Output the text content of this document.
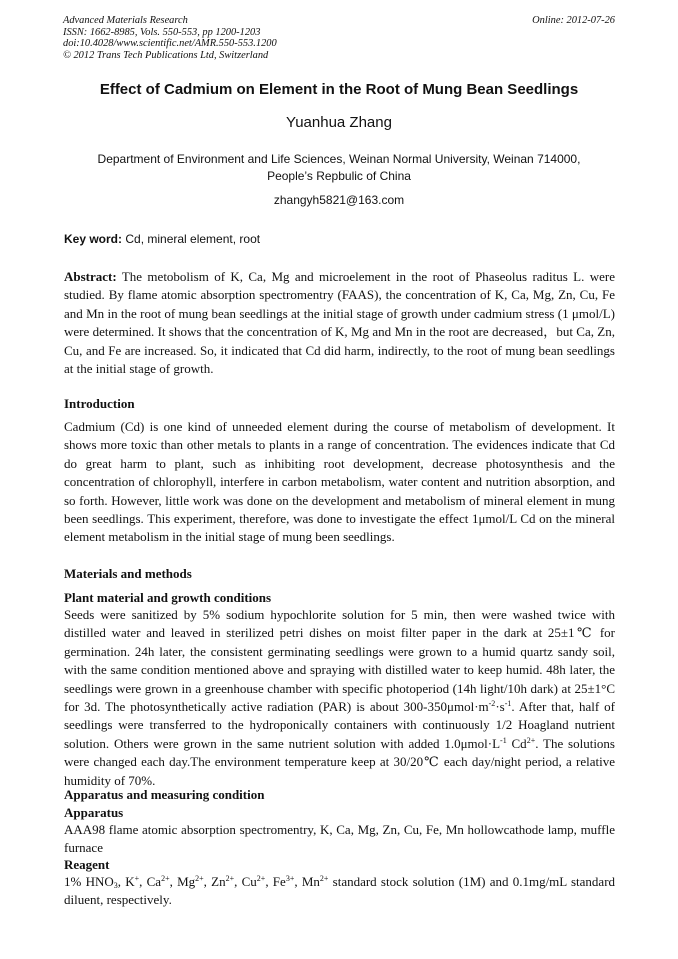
Advanced Materials Research
ISSN: 1662-8985, Vols. 550-553, pp 1200-1203
doi:10.4028/www.scientific.net/AMR.550-553.1200
© 2012 Trans Tech Publications Ltd, Switzerland
Online: 2012-07-26
Effect of Cadmium on Element in the Root of Mung Bean Seedlings
Yuanhua Zhang
Department of Environment and Life Sciences, Weinan Normal University, Weinan 714000,
People’s Repbulic of China
zhangyh5821@163.com
Key word: Cd, mineral element, root

Abstract: The metobolism of K, Ca, Mg and microelement in the root of Phaseolus raditus L. were studied. By flame atomic absorption spectromentry (FAAS), the concentration of K, Ca, Mg, Zn, Cu, Fe and Mn in the root of mung bean seedlings at the initial stage of growth under cadmium stress (1 μmol/L) were determined. It shows that the concentration of K, Mg and Mn in the root are decreased，but Ca, Zn, Cu, and Fe are increased. So, it indicated that Cd did harm, indirectly, to the root of mung bean seedlings at the initial stage of growth.

Introduction

Cadmium (Cd) is one kind of unneeded element during the course of metabolism of development. It shows more toxic than other metals to plants in a range of concentration. The evidences indicate that Cd do great harm to plant, such as inhibiting root development, decrease photosynthesis and the concentration of chlorophyll, interfere in carbon metabolism, water content and nutrition absorption, and so forth. However, little work was done on the development and metabolism of mineral element in mung been seedlings. This experiment, therefore, was done to investigate the effect 1μmol/L Cd on the mineral element metabolism in the initial stage of mung been seedlings.

Materials and methods
Plant material and growth conditions

Seeds were sanitized by 5% sodium hypochlorite solution for 5 min, then were washed twice with distilled water and leaved in sterilized petri dishes on moist filter paper in the dark at 25±1℃ for germination. 24h later, the consistent germinating seedlings were grown to a humid quartz sandy soil, with the same condition mentioned above and spraying with distilled water to keep humid. 48h later, the seedlings were grown in a greenhouse chamber with specific photoperiod (14h light/10h dark) at 25±1°C for 3d. The photosynthetically active radiation (PAR) is about $300-350\mu mol\cdot m^{-2}\cdot s^{-1}$. After that, half of seedlings were transferred to the hydroponically containers with continuously 1/2 Hoagland nutrient solution. Others were grown in the same nutrient solution with added $1.0\mu mol\cdot L^{-1}$ $Cd^{2+}$. The solutions were changed each day.The environment temperature keep at 30/20℃ each day/night period, a relative humidity of 70%.

Apparatus and measuring condition
Apparatus

AAA98 flame atomic absorption spectromentry, K, Ca, Mg, Zn, Cu, Fe, Mn hollowcathode lamp, muffle furnace

Reagent

1% $HNO_3$, K+, $Ca^{2+}$, $Mg^{2+}$, $Zn^{2+}$, $Cu^{2+}$, $Fe^{3+}$, $Mn^{2+}$ standard stock solution (1M) and 0.1mg/mL standard diluent, respectively.
